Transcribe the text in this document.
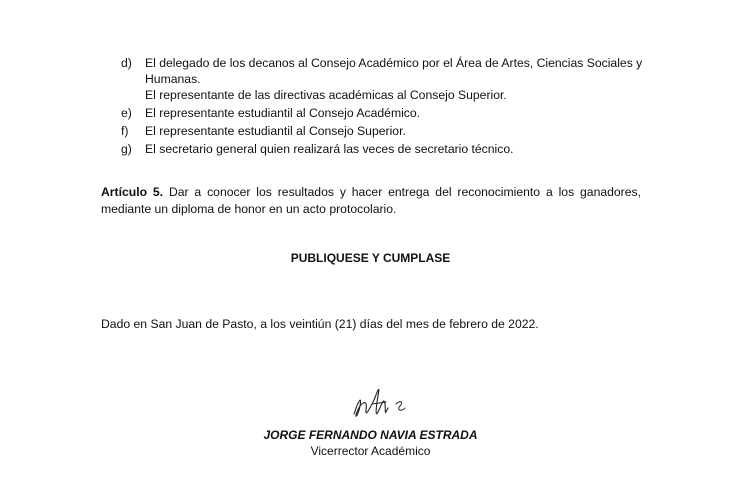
d)	El delegado de los decanos al Consejo Académico por el Área de Artes, Ciencias Sociales y Humanas.
El representante de las directivas académicas al Consejo Superior.
e)	El representante estudiantil al Consejo Académico.
f)	El representante estudiantil al Consejo Superior.
g)	El secretario general quien realizará las veces de secretario técnico.
Artículo 5. Dar a conocer los resultados y hacer entrega del reconocimiento a los ganadores, mediante un diploma de honor en un acto protocolario.
PUBLIQUESE Y CUMPLASE
Dado en San Juan de Pasto, a los veintiún (21) días del mes de febrero de 2022.
JORGE FERNANDO NAVIA ESTRADA
Vicerrector Académico
